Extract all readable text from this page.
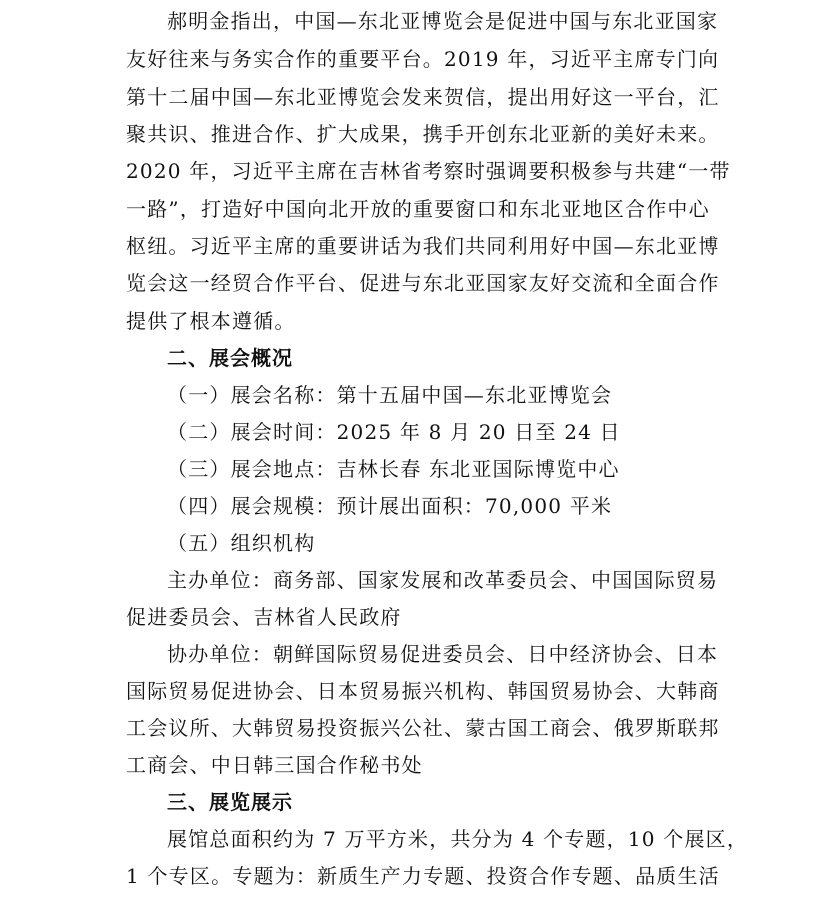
郝明金指出，中国—东北亚博览会是促进中国与东北亚国家
友好往来与务实合作的重要平台。2019 年，习近平主席专门向
第十二届中国—东北亚博览会发来贺信，提出用好这一平台，汇
聚共识、推进合作、扩大成果，携手开创东北亚新的美好未来。
2020 年，习近平主席在吉林省考察时强调要积极参与共建“一带
一路”，打造好中国向北开放的重要窗口和东北亚地区合作中心
枢纽。习近平主席的重要讲话为我们共同利用好中国—东北亚博
览会这一经贸合作平台、促进与东北亚国家友好交流和全面合作
提供了根本遵循。
二、展会概况
（一）展会名称：第十五届中国—东北亚博览会
（二）展会时间：2025 年 8 月 20 日至 24 日
（三）展会地点：吉林长春 东北亚国际博览中心
（四）展会规模：预计展出面积：70,000 平米
（五）组织机构
主办单位：商务部、国家发展和改革委员会、中国国际贸易
促进委员会、吉林省人民政府
协办单位：朝鲜国际贸易促进委员会、日中经济协会、日本
国际贸易促进协会、日本贸易振兴机构、韩国贸易协会、大韩商
工会议所、大韩贸易投资振兴公社、蒙古国工商会、俄罗斯联邦
工商会、中日韩三国合作秘书处
三、展览展示
展馆总面积约为 7 万平方米，共分为 4 个专题，10 个展区，
1 个专区。专题为：新质生产力专题、投资合作专题、品质生活
